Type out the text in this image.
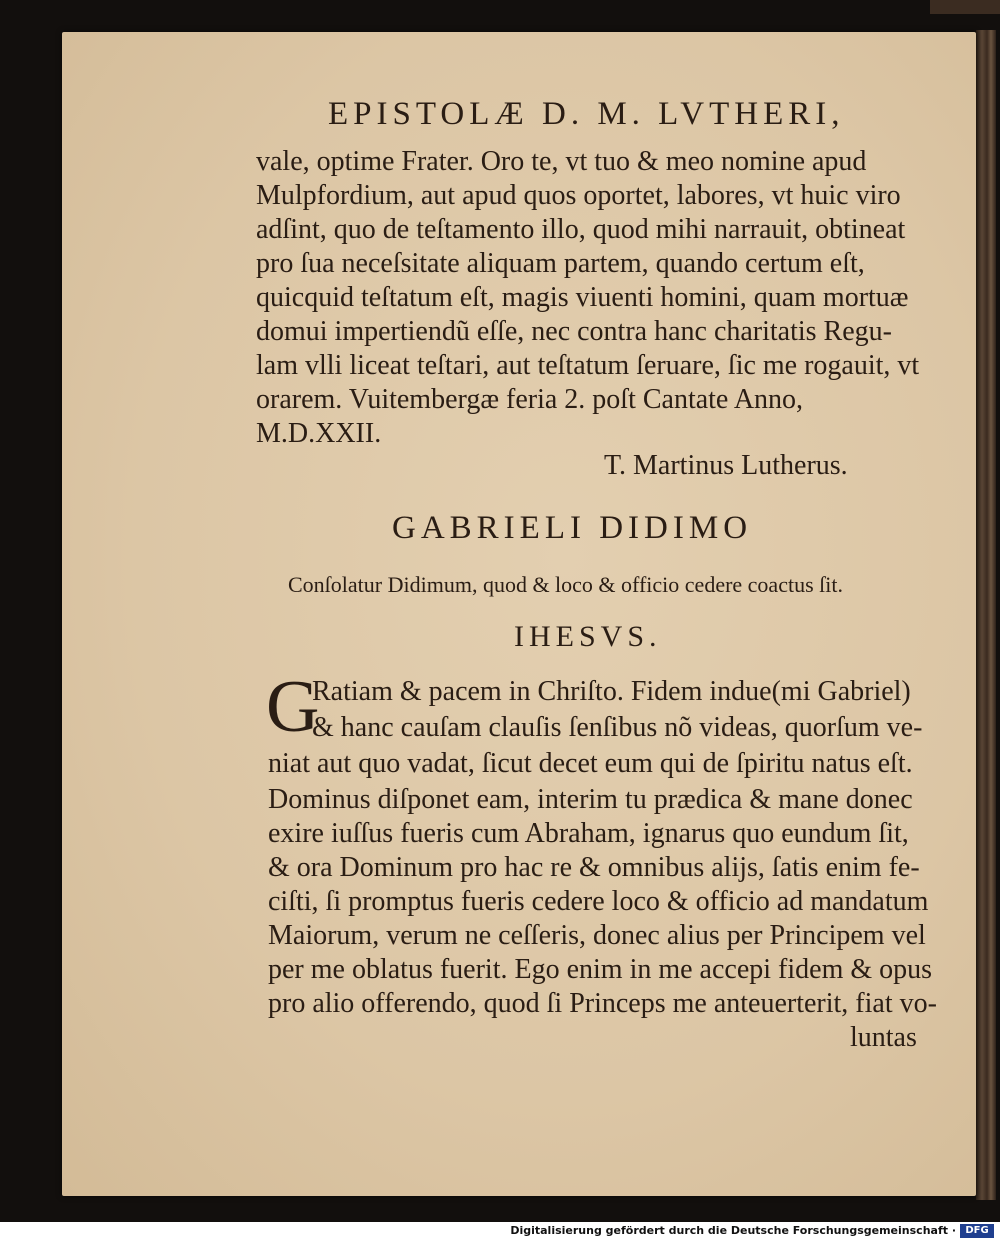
EPISTOLÆ D. M. LVTHERI,
vale, optime Frater. Oro te, vt tuo & meo nomine apud
Mulpfordium, aut apud quos oportet, labores, vt huic viro
adſint, quo de teſtamento illo, quod mihi narrauit, obtineat
pro ſua neceſsitate aliquam partem, quando certum eſt,
quicquid teſtatum eſt, magis viuenti homini, quam mortuæ
domui impertiendũ eſſe, nec contra hanc charitatis Regu-
lam vlli liceat teſtari, aut teſtatum ſeruare, ſic me rogauit, vt
orarem. Vuitembergæ feria 2. poſt Cantate Anno,
M.D.XXII.
T. Martinus Lutherus.
GABRIELI DIDIMO
Conſolatur Didimum, quod & loco & officio cedere coactus ſit.
IHESVS.
G
Ratiam & pacem in Chriſto. Fidem indue(mi Gabriel)
& hanc cauſam clauſis ſenſibus nõ videas, quorſum ve-
niat aut quo vadat, ſicut decet eum qui de ſpiritu natus eſt.
Dominus diſponet eam, interim tu prædica & mane donec
exire iuſſus fueris cum Abraham, ignarus quo eundum ſit,
& ora Dominum pro hac re & omnibus alijs, ſatis enim fe-
ciſti, ſi promptus fueris cedere loco & officio ad mandatum
Maiorum, verum ne ceſſeris, donec alius per Principem vel
per me oblatus fuerit. Ego enim in me accepi fidem & opus
pro alio offerendo, quod ſi Princeps me anteuerterit, fiat vo-
luntas
Digitalisierung gefördert durch die Deutsche Forschungsgemeinschaft · DFG
